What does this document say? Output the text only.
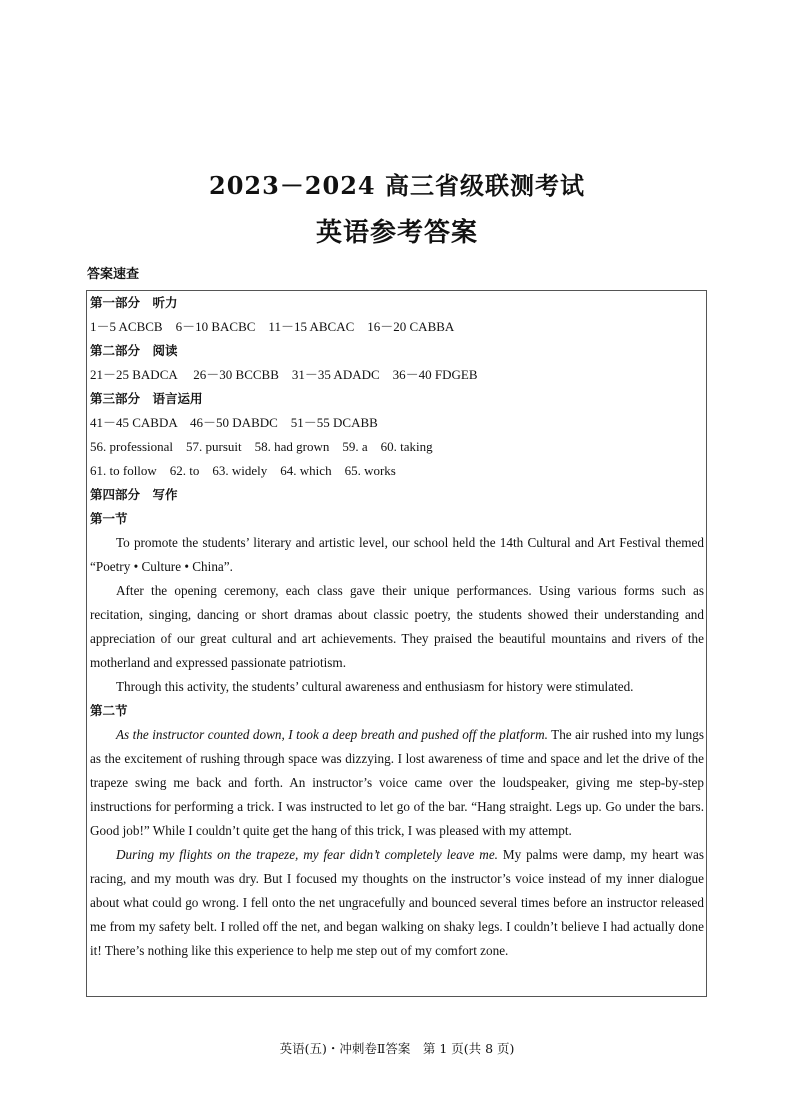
2023－2024 高三省级联测考试
英语参考答案
答案速查
第一部分　听力
1－5 ACBCB　6－10 BACBC　11－15 ABCAC　16－20 CABBA
第二部分　阅读
21－25 BADCA　 26－30 BCCBB　31－35 ADADC　36－40 FDGEB
第三部分　语言运用
41－45 CABDA　46－50 DABDC　51－55 DCABB
56. professional　57. pursuit　58. had grown　59. a　60. taking
61. to follow　62. to　63. widely　64. which　65. works
第四部分　写作
第一节

To promote the students’ literary and artistic level, our school held the 14th Cultural and Art Festival themed “Poetry • Culture • China”.

After the opening ceremony, each class gave their unique performances. Using various forms such as recitation, singing, dancing or short dramas about classic poetry, the students showed their understanding and appreciation of our great cultural and art achievements. They praised the beautiful mountains and rivers of the motherland and expressed passionate patriotism.

Through this activity, the students’ cultural awareness and enthusiasm for history were stimulated.

第二节

As the instructor counted down, I took a deep breath and pushed off the platform. The air rushed into my lungs as the excitement of rushing through space was dizzying. I lost awareness of time and space and let the drive of the trapeze swing me back and forth. An instructor’s voice came over the loudspeaker, giving me step-by-step instructions for performing a trick. I was instructed to let go of the bar. “Hang straight. Legs up. Go under the bars. Good job!” While I couldn’t quite get the hang of this trick, I was pleased with my attempt.

During my flights on the trapeze, my fear didn’t completely leave me. My palms were damp, my heart was racing, and my mouth was dry. But I focused my thoughts on the instructor’s voice instead of my inner dialogue about what could go wrong. I fell onto the net ungracefully and bounced several times before an instructor released me from my safety belt. I rolled off the net, and began walking on shaky legs. I couldn’t believe I had actually done it! There’s nothing like this experience to help me step out of my comfort zone.

英语(五)・冲刺卷Ⅱ答案　第 1 页(共 8 页)
